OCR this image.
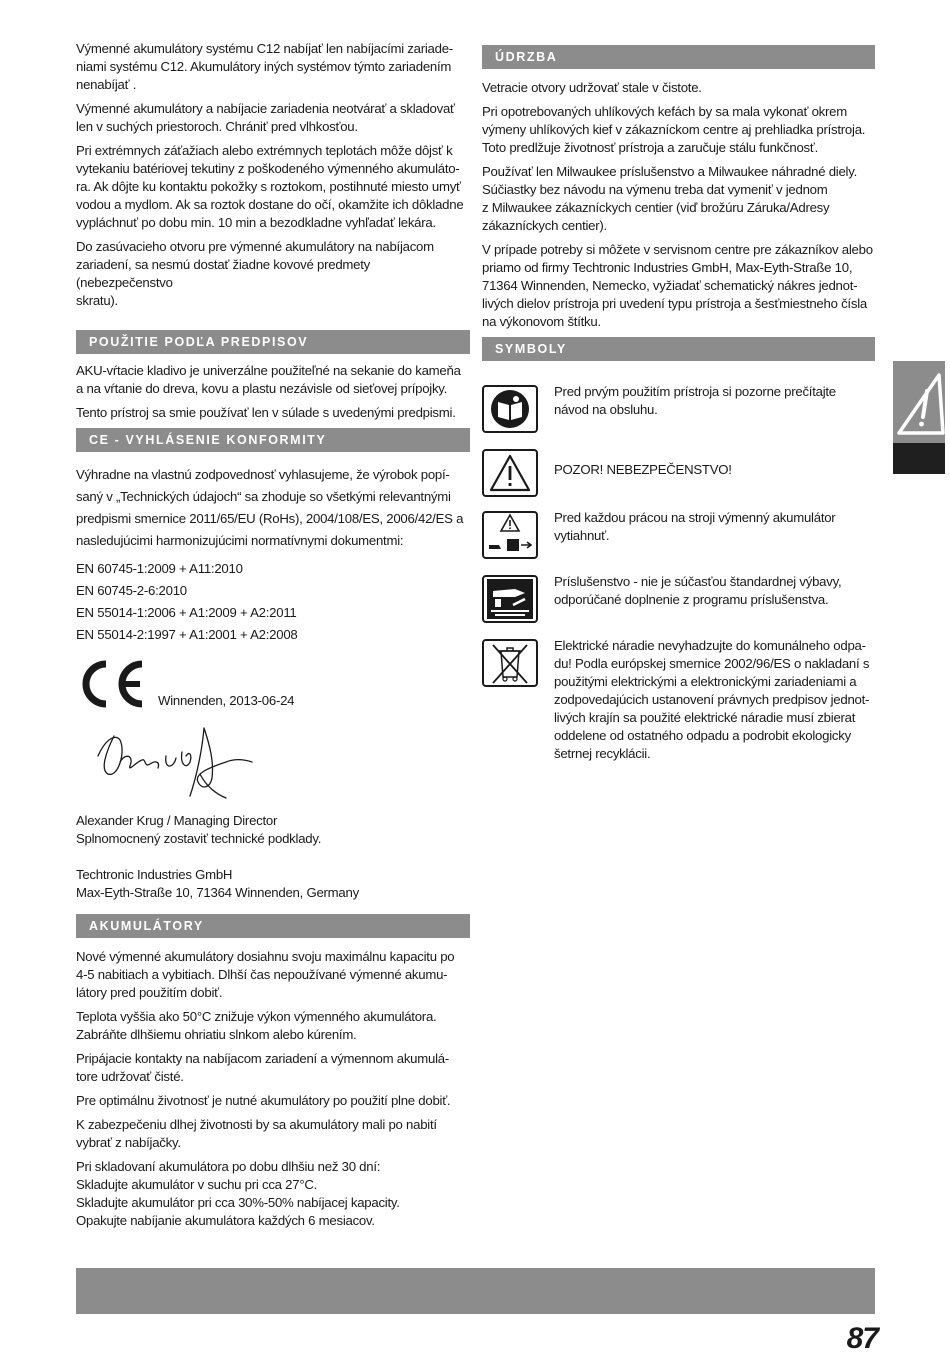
Výmenné akumulátory systému C12 nabíjať len nabíjacími zariade-
niami systému C12. Akumulátory iných systémov týmto zariadením
nenabíjať .

Výmenné akumulátory a nabíjacie zariadenia neotvárať a skladovať
len v suchých priestoroch. Chrániť pred vlhkosťou.

Pri extrémnych záťažiach alebo extrémnych teplotách môže dôjsť k
vytekaniu batériovej tekutiny z poškodeného výmenného akumuláto-
ra. Ak dôjte ku kontaktu pokožky s roztokom, postihnuté miesto umyť
vodou a mydlom. Ak sa roztok dostane do očí, okamžite ich dôkladne
vypláchnuť po dobu min. 10 min a bezodkladne vyhľadať lekára.

Do zasúvacieho otvoru pre výmenné akumulátory na nabíjacom
zariadení, sa nesmú dostať žiadne kovové predmety (nebezpečenstvo
skratu).

POUŽITIE PODĽA PREDPISOV

AKU-vŕtacie kladivo je univerzálne použiteľné na sekanie do kameňa
a na vŕtanie do dreva, kovu a plastu nezávisle od sieťovej prípojky.

Tento prístroj sa smie používať len v súlade s uvedenými predpismi.

CE - VYHLÁSENIE KONFORMITY

Výhradne na vlastnú zodpovednosť vyhlasujeme, že výrobok popí-
saný v „Technických údajoch“ sa zhoduje so všetkými relevantnými
predpismi smernice 2011/65/EU (RoHs), 2004/108/ES, 2006/42/ES a
nasledujúcimi harmonizujúcimi normatívnymi dokumentmi:

EN 60745-1:2009 + A11:2010

EN 60745-2-6:2010

EN 55014-1:2006 + A1:2009 + A2:2011

EN 55014-2:1997 + A1:2001 + A2:2008

Winnenden, 2013-06-24

Alexander Krug / Managing Director
Splnomocnený zostaviť technické podklady.

Techtronic Industries GmbH
Max-Eyth-Straße 10, 71364 Winnenden, Germany

AKUMULÁTORY

Nové výmenné akumulátory dosiahnu svoju maximálnu kapacitu po
4-5 nabitiach a vybitiach. Dlhší čas nepoužívané výmenné akumu-
látory pred použitím dobiť.

Teplota vyššia ako 50°C znižuje výkon výmenného akumulátora.
Zabráňte dlhšiemu ohriatiu slnkom alebo kúrením.

Pripájacie kontakty na nabíjacom zariadení a výmennom akumulá-
tore udržovať čisté.

Pre optimálnu životnosť je nutné akumulátory po použití plne dobiť.

K zabezpečeniu dlhej životnosti by sa akumulátory mali po nabití
vybrať z nabíjačky.

Pri skladovaní akumulátora po dobu dlhšiu než 30 dní:
Skladujte akumulátor v suchu pri cca 27°C.
Skladujte akumulátor pri cca 30%-50% nabíjacej kapacity.
Opakujte nabíjanie akumulátora každých 6 mesiacov.

ÚDRZBA

Vetracie otvory udržovať stale v čistote.

Pri opotrebovaných uhlíkových kefách by sa mala vykonať okrem
výmeny uhlíkových kief v zákazníckom centre aj prehliadka prístroja.
Toto predlžuje životnosť prístroja a zaručuje stálu funkčnosť.

Používať len Milwaukee príslušenstvo a Milwaukee náhradné diely.
Súčiastky bez návodu na výmenu treba dat vymeniť v jednom
z Milwaukee zákazníckych centier (viď brožúru Záruka/Adresy
zákazníckych centier).

V prípade potreby si môžete v servisnom centre pre zákazníkov alebo
priamo od firmy Techtronic Industries GmbH, Max-Eyth-Straße 10,
71364 Winnenden, Nemecko, vyžiadať schematický nákres jednot-
livých dielov prístroja pri uvedení typu prístroja a šesťmiestneho čísla
na výkonovom štítku.

SYMBOLY

Pred prvým použitím prístroja si pozorne prečítajte
návod na obsluhu.

POZOR! NEBEZPEČENSTVO!

Pred každou prácou na stroji výmenný akumulátor
vytiahnuť.

Príslušenstvo - nie je súčasťou štandardnej výbavy,
odporúčané doplnenie z programu príslušenstva.

Elektrické náradie nevyhadzujte do komunálneho odpa-
du! Podla európskej smernice 2002/96/ES o nakladaní s
použitými elektrickými a elektronickými zariadeniami a
zodpovedajúcich ustanovení právnych predpisov jednot-
livých krajín sa použité elektrické náradie musí zbierat
oddelene od ostatného odpadu a podrobit ekologicky
šetrnej recyklácii.

87
